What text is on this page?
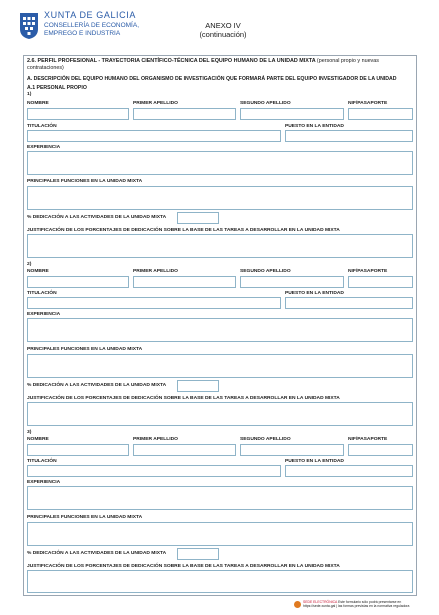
XUNTA DE GALICIA
CONSELLERÍA DE ECONOMÍA,
EMPREGO E INDUSTRIA
ANEXO IV
(continuación)
2.6. PERFIL PROFESIONAL - TRAYECTORIA CIENTÍFICO-TÉCNICA DEL EQUIPO HUMANO DE LA UNIDAD MIXTA (personal propio y nuevas contrataciones)
A. DESCRIPCIÓN DEL EQUIPO HUMANO DEL ORGANISMO DE INVESTIGACIÓN QUE FORMARÁ PARTE DEL EQUIPO INVESTIGADOR DE LA UNIDAD
A.1 PERSONAL PROPIO
1)
NOMBRE	PRIMER APELLIDO	SEGUNDO APELLIDO	NIF/PASAPORTE
TITULACIÓN	PUESTO EN LA ENTIDAD
EXPERIENCIA
PRINCIPALES FUNCIONES EN LA UNIDAD MIXTA
% DEDICACIÓN A LAS ACTIVIDADES DE LA UNIDAD MIXTA
JUSTIFICACIÓN DE LOS PORCENTAJES DE DEDICACIÓN SOBRE LA BASE DE LAS TAREAS A DESARROLLAR EN LA UNIDAD MIXTA
2)
NOMBRE	PRIMER APELLIDO	SEGUNDO APELLIDO	NIF/PASAPORTE
TITULACIÓN	PUESTO EN LA ENTIDAD
EXPERIENCIA
PRINCIPALES FUNCIONES EN LA UNIDAD MIXTA
% DEDICACIÓN A LAS ACTIVIDADES DE LA UNIDAD MIXTA
JUSTIFICACIÓN DE LOS PORCENTAJES DE DEDICACIÓN SOBRE LA BASE DE LAS TAREAS A DESARROLLAR EN LA UNIDAD MIXTA
3)
NOMBRE	PRIMER APELLIDO	SEGUNDO APELLIDO	NIF/PASAPORTE
TITULACIÓN	PUESTO EN LA ENTIDAD
EXPERIENCIA
PRINCIPALES FUNCIONES EN LA UNIDAD MIXTA
% DEDICACIÓN A LAS ACTIVIDADES DE LA UNIDAD MIXTA
JUSTIFICACIÓN DE LOS PORCENTAJES DE DEDICACIÓN SOBRE LA BASE DE LAS TAREAS A DESARROLLAR EN LA UNIDAD MIXTA
SEDE ELECTRÓNICA Este formulario sólo podrá presentarse en
https://sede.xunta.gal | las formas previstas en la normativa reguladora
